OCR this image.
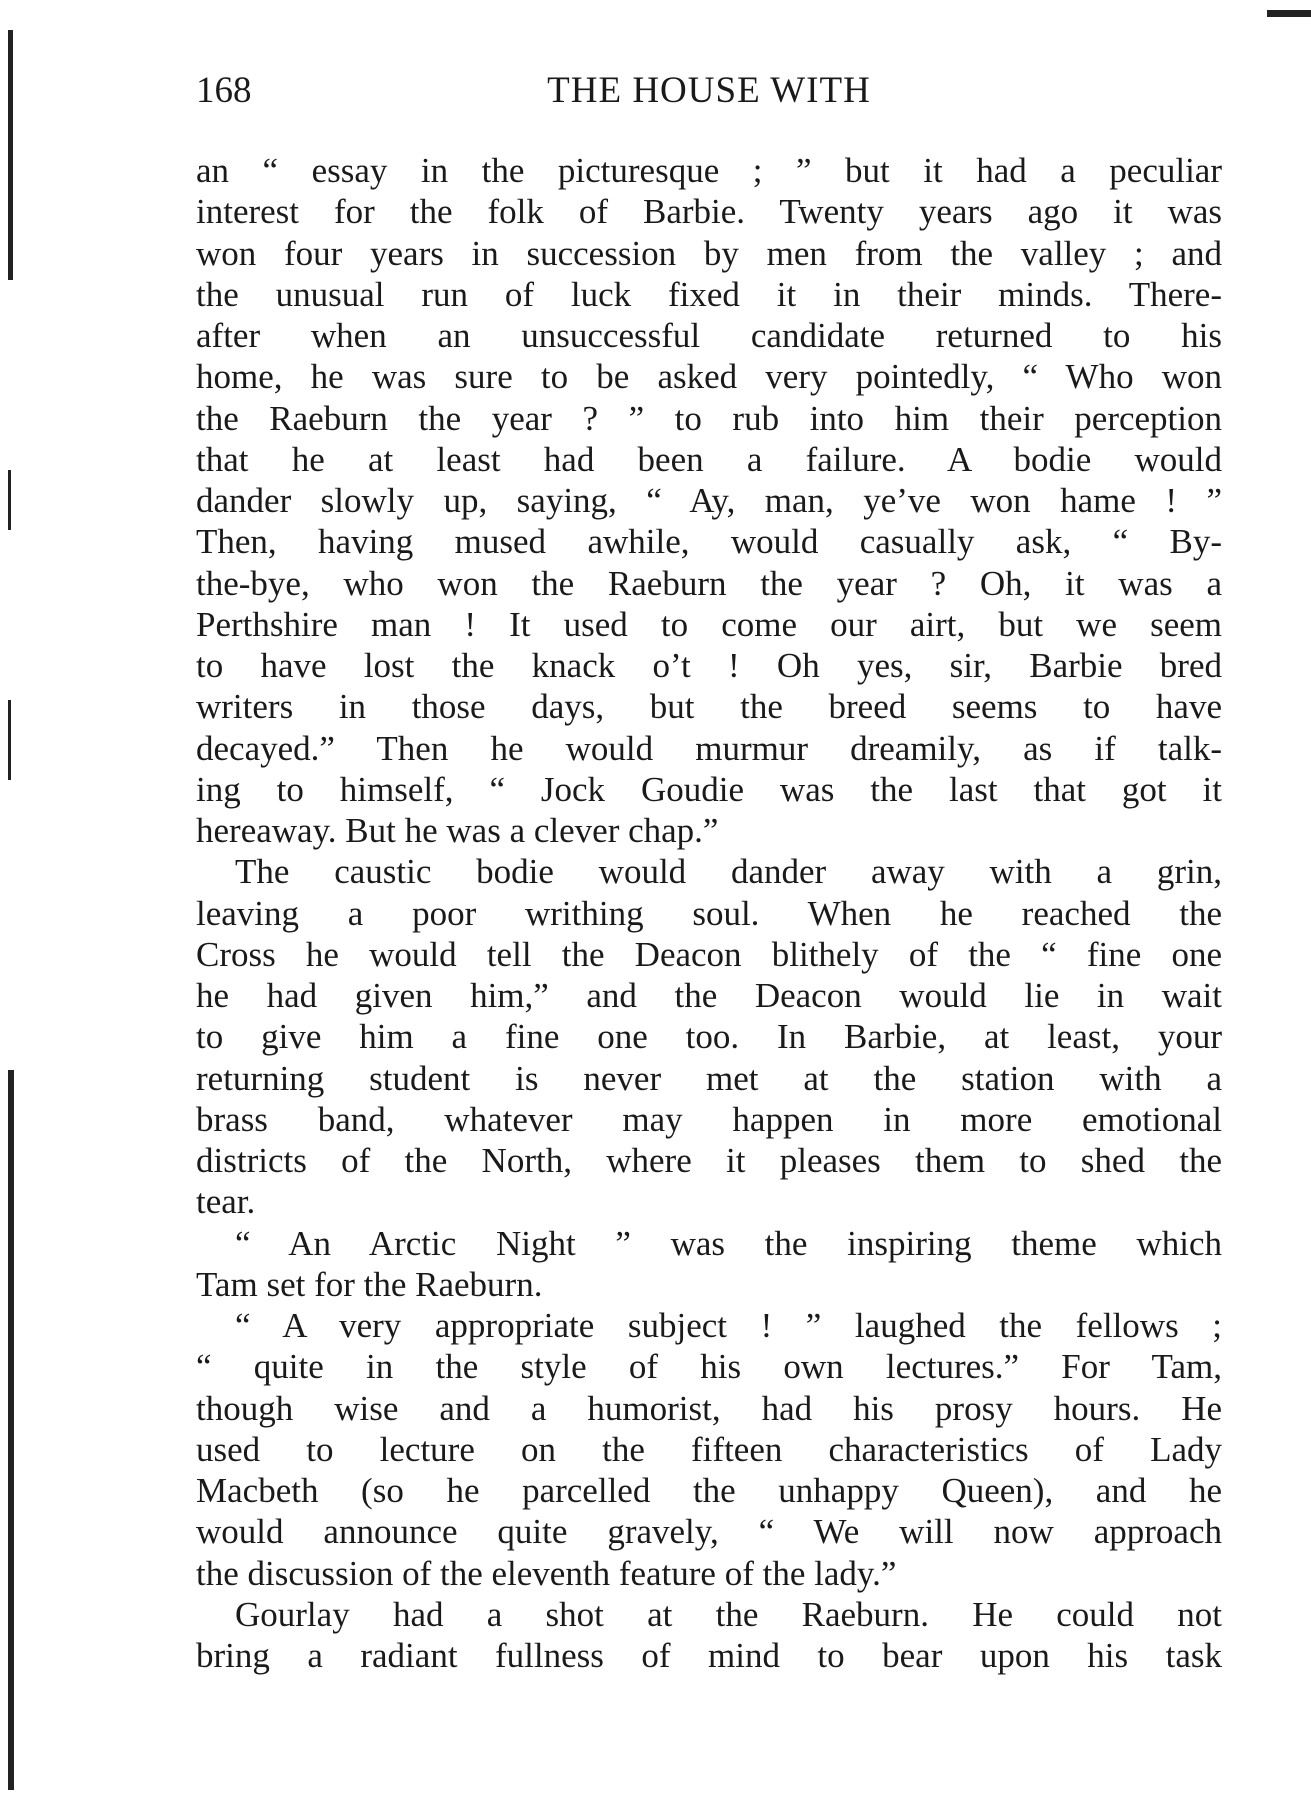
168	THE HOUSE WITH
an “ essay in the picturesque ; ” but it had a peculiar
interest for the folk of Barbie. Twenty years ago it was
won four years in succession by men from the valley ; and
the unusual run of luck fixed it in their minds. There-
after when an unsuccessful candidate returned to his
home, he was sure to be asked very pointedly, “ Who won
the Raeburn the year ? ” to rub into him their perception
that he at least had been a failure. A bodie would
dander slowly up, saying, “ Ay, man, ye’ve won hame ! ”
Then, having mused awhile, would casually ask, “ By-
the-bye, who won the Raeburn the year ? Oh, it was a
Perthshire man ! It used to come our airt, but we seem
to have lost the knack o’t ! Oh yes, sir, Barbie bred
writers in those days, but the breed seems to have
decayed.” Then he would murmur dreamily, as if talk-
ing to himself, “ Jock Goudie was the last that got it
hereaway. But he was a clever chap.”
The caustic bodie would dander away with a grin,
leaving a poor writhing soul. When he reached the
Cross he would tell the Deacon blithely of the “ fine one
he had given him,” and the Deacon would lie in wait
to give him a fine one too. In Barbie, at least, your
returning student is never met at the station with a
brass band, whatever may happen in more emotional
districts of the North, where it pleases them to shed the
tear.
“ An Arctic Night ” was the inspiring theme which
Tam set for the Raeburn.
“ A very appropriate subject ! ” laughed the fellows ;
“ quite in the style of his own lectures.” For Tam,
though wise and a humorist, had his prosy hours. He
used to lecture on the fifteen characteristics of Lady
Macbeth (so he parcelled the unhappy Queen), and he
would announce quite gravely, “ We will now approach
the discussion of the eleventh feature of the lady.”
Gourlay had a shot at the Raeburn. He could not
bring a radiant fullness of mind to bear upon his task
